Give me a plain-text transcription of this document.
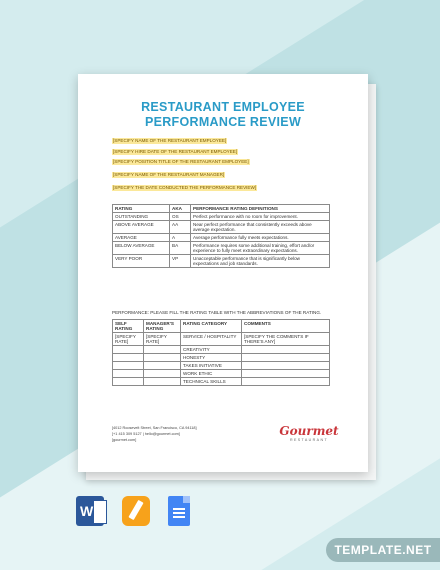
RESTAURANT EMPLOYEE
PERFORMANCE REVIEW
[SPECIFY NAME OF THE RESTAURANT EMPLOYEE]
[SPECIFY HIRE DATE OF THE RESTAURANT EMPLOYEE]
[SPECIFY POSITION TITLE OF THE RESTAURANT EMPLOYEE]
[SPECIFY NAME OF THE RESTAURANT MANAGER]
[SPECIFY THE DATE CONDUCTED THE PERFORMANCE REVIEW]
RATING	AKA	PERFORMANCE RATING DEFINITIONS
OUTSTANDING	OS	Perfect performance with no room for improvement.
ABOVE AVERAGE	AA	Near perfect performance that consistently exceeds above average expectation.
AVERAGE	A	Average performance fully meets expectations.
BELOW AVERAGE	BA	Performance requires some additional training, effort and/or experience to fully meet extraordinary expectations.
VERY POOR	VP	Unacceptable performance that is significantly below expectations and job standards.
PERFORMANCE: PLEASE FILL THE RATING TABLE WITH THE ABBREVIATIONS OF THE RATING.
SELF RATING	MANAGER'S RATING	RATING CATEGORY	COMMENTS
[SPECIFY RATE]	[SPECIFY RATE]	SERVICE / HOSPITALITY	[SPECIFY THE COMMENTS IF THERE'S ANY]
		CREATIVITY	
		HONESTY	
		TAKES INITIATIVE	
		WORK ETHIC	
		TECHNICAL SKILLS	
[4012 Roosevelt Street, San Francisco, CA 94118]
[+1 415 309 5127 | hello@gourmet.com]
[gourmet.com]
Gourmet
RESTAURANT
W
TEMPLATE.NET
